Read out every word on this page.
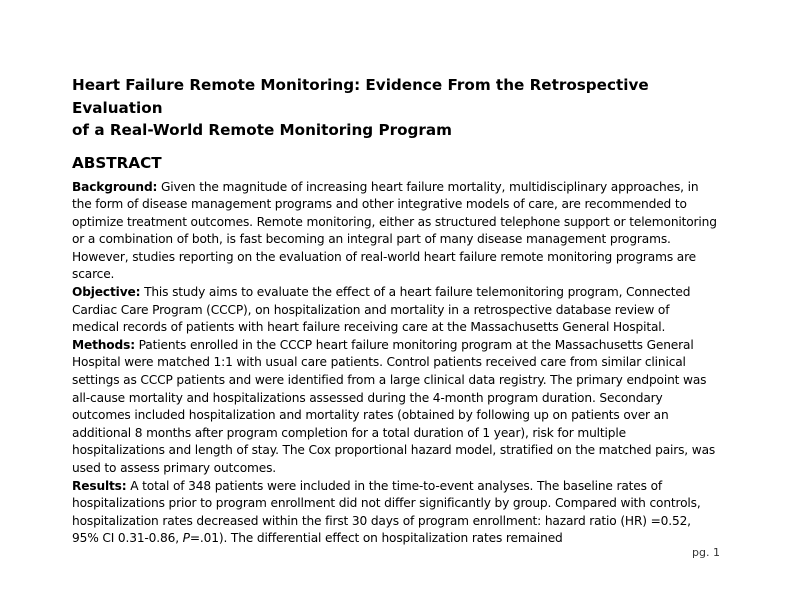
Heart Failure Remote Monitoring: Evidence From the Retrospective Evaluation
of a Real-World Remote Monitoring Program
ABSTRACT

Background: Given the magnitude of increasing heart failure mortality, multidisciplinary approaches, in the form of disease management programs and other integrative models of care, are recommended to optimize treatment outcomes. Remote monitoring, either as structured telephone support or telemonitoring or a combination of both, is fast becoming an integral part of many disease management programs. However, studies reporting on the evaluation of real-world heart failure remote monitoring programs are scarce.

Objective: This study aims to evaluate the effect of a heart failure telemonitoring program, Connected Cardiac Care Program (CCCP), on hospitalization and mortality in a retrospective database review of medical records of patients with heart failure receiving care at the Massachusetts General Hospital.

Methods: Patients enrolled in the CCCP heart failure monitoring program at the Massachusetts General Hospital were matched 1:1 with usual care patients. Control patients received care from similar clinical settings as CCCP patients and were identified from a large clinical data registry. The primary endpoint was all-cause mortality and hospitalizations assessed during the 4-month program duration. Secondary outcomes included hospitalization and mortality rates (obtained by following up on patients over an additional 8 months after program completion for a total duration of 1 year), risk for multiple hospitalizations and length of stay. The Cox proportional hazard model, stratified on the matched pairs, was used to assess primary outcomes.

Results: A total of 348 patients were included in the time-to-event analyses. The baseline rates of hospitalizations prior to program enrollment did not differ significantly by group. Compared with controls, hospitalization rates decreased within the first 30 days of program enrollment: hazard ratio (HR) =0.52, 95% CI 0.31-0.86, P=.01). The differential effect on hospitalization rates remained

pg. 1
